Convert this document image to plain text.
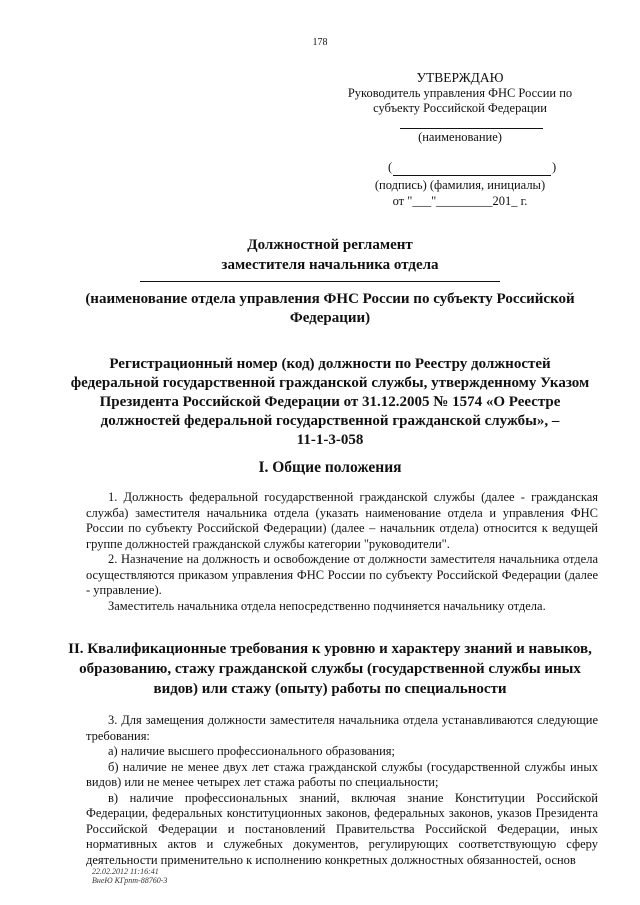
178
УТВЕРЖДАЮ
Руководитель управления ФНС России по
субъекту Российской Федерации
(наименование)
(	)
(подпись) (фамилия, инициалы)
от "___"_________201_ г.
Должностной регламент
заместителя начальника отдела
(наименование отдела управления ФНС России по субъекту Российской
Федерации)
Регистрационный номер (код) должности по Реестру должностей
федеральной государственной гражданской службы, утвержденному Указом
Президента Российской Федерации от 31.12.2005 № 1574 «О Реестре
должностей федеральной государственной гражданской службы», –
11-1-3-058
I. Общие положения

1. Должность федеральной государственной гражданской службы (далее - гражданская служба) заместителя начальника отдела (указать наименование отдела и управления ФНС России по субъекту Российской Федерации) (далее – начальник отдела) относится к ведущей группе должностей гражданской службы категории "руководители".

2. Назначение на должность и освобождение от должности заместителя начальника отдела осуществляются приказом управления ФНС России по субъекту Российской Федерации (далее - управление).

Заместитель начальника отдела непосредственно подчиняется начальнику отдела.

II. Квалификационные требования к уровню и характеру знаний и навыков,
образованию, стажу гражданской службы (государственной службы иных
видов) или стажу (опыту) работы по специальности

3. Для замещения должности заместителя начальника отдела устанавливаются следующие требования:

а) наличие высшего профессионального образования;

б) наличие не менее двух лет стажа гражданской службы (государственной службы иных видов) или не менее четырех лет стажа работы по специальности;

в) наличие профессиональных знаний, включая знание Конституции Российской Федерации, федеральных конституционных законов, федеральных законов, указов Президента Российской Федерации и постановлений Правительства Российской Федерации, иных нормативных актов и служебных документов, регулирующих соответствующую сферу деятельности применительно к исполнению конкретных должностных обязанностей, основ

22.02.2012 11:16:41
ВнеЮ КГрпт-88760-3
